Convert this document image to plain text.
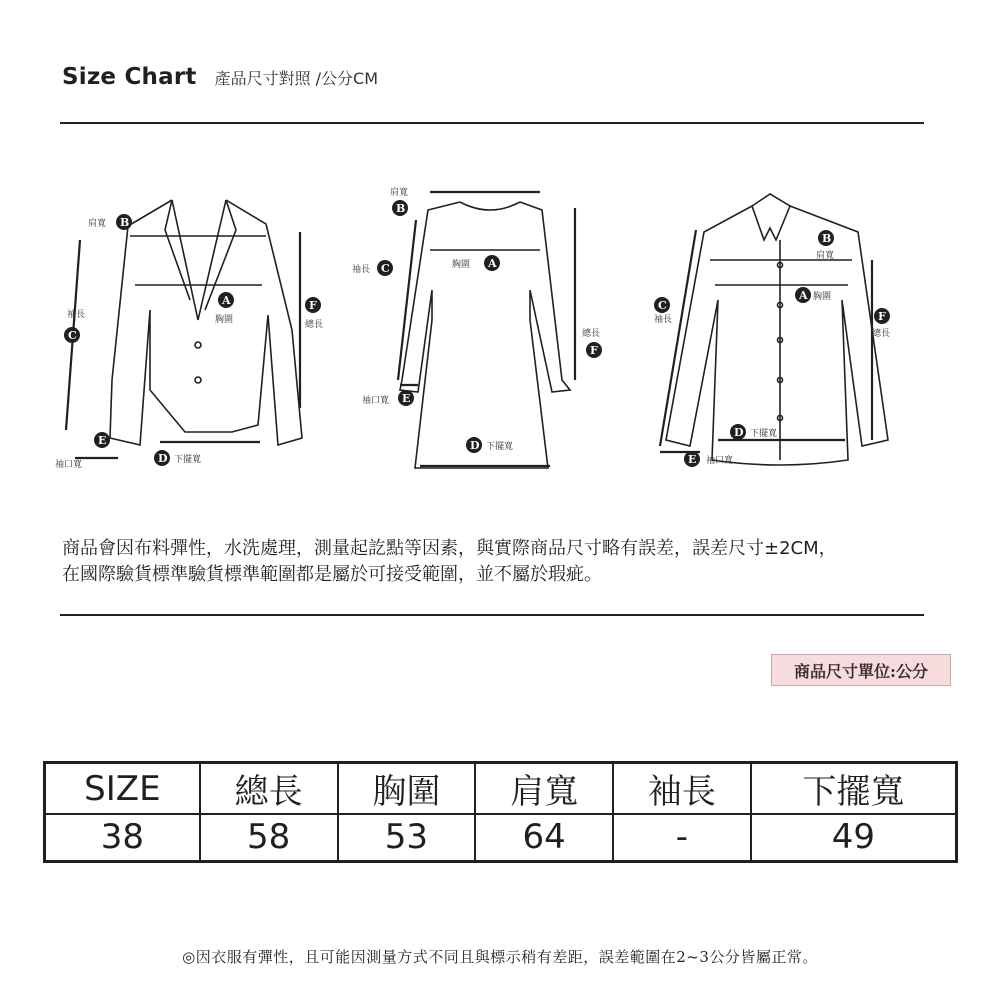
Size Chart 產品尺寸對照 /公分CM
肩寬 B
袖長
C
A
胸圍
F
總長
E
袖口寬	D 下擺寬
肩寬
B
胸圍 A
袖長 C
總長
F
袖口寬 E
D 下擺寬
B
肩寬
A 胸圍
C
袖長	F
總長
D 下擺寬
E 袖口寬

商品會因布料彈性，水洗處理，測量起訖點等因素，與實際商品尺寸略有誤差，誤差尺寸±2CM，

在國際驗貨標準驗貨標準範圍都是屬於可接受範圍，並不屬於瑕疵。

商品尺寸單位:公分
SIZE	總長	胸圍	肩寬	袖長	下擺寬
38	58	53	64	-	49
◎因衣服有彈性，且可能因測量方式不同且與標示稍有差距，誤差範圍在2~3公分皆屬正常。
